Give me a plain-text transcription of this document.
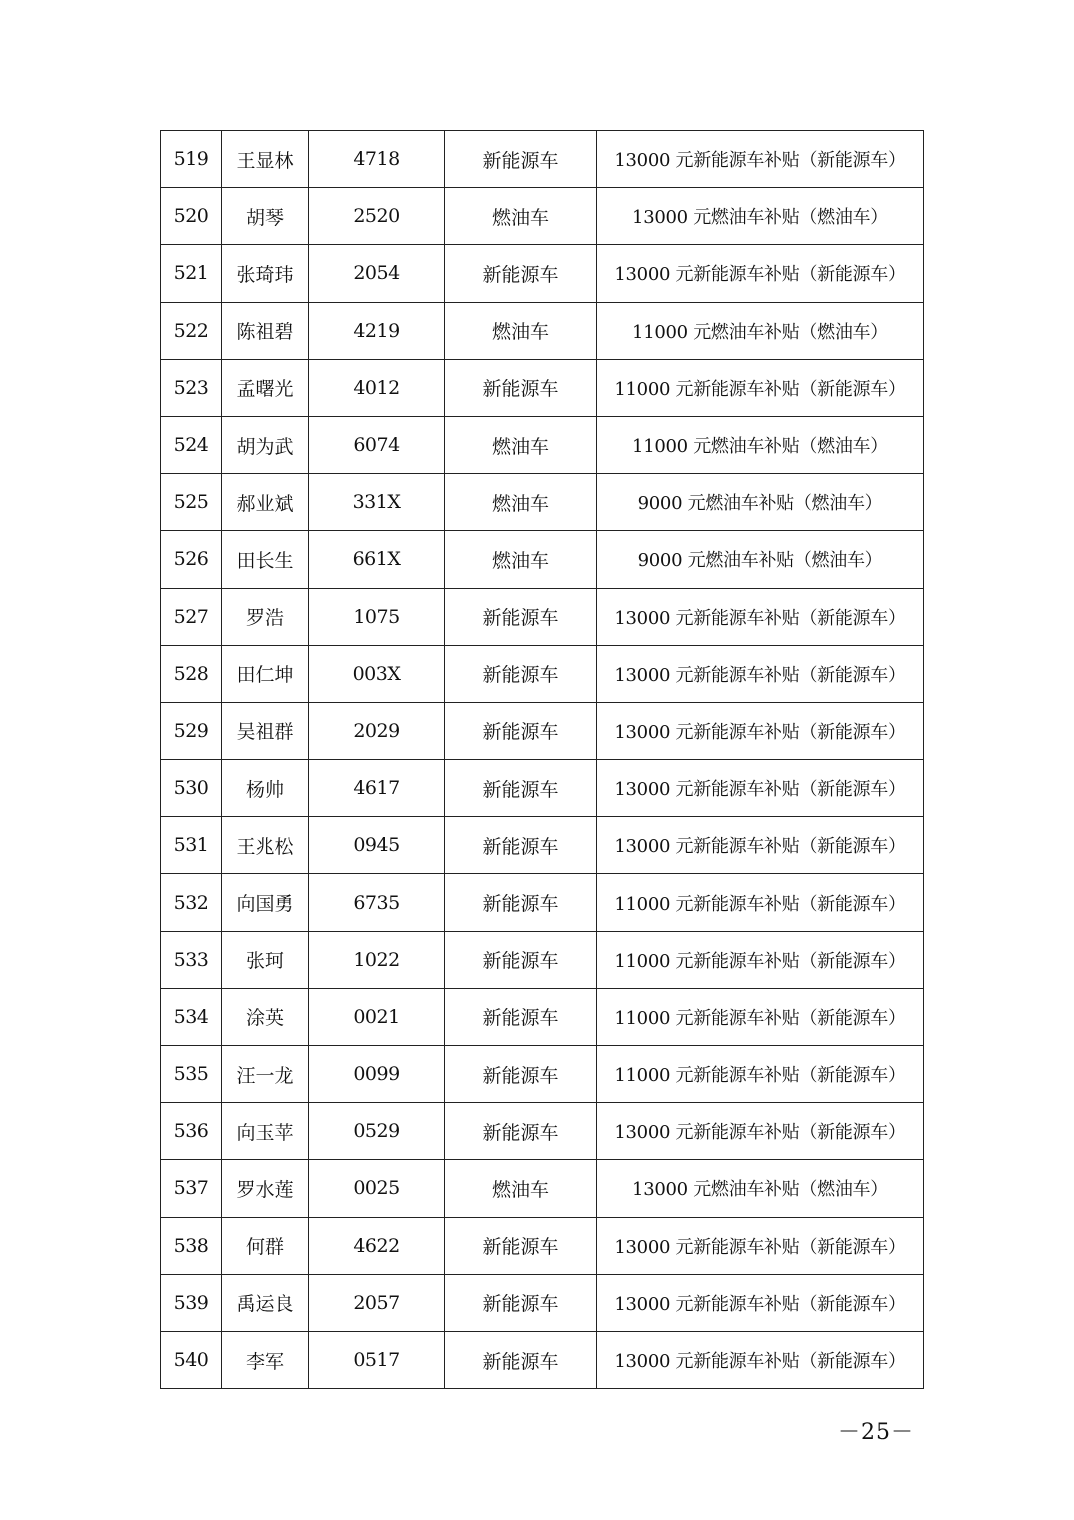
519	王显林	4718	新能源车	13000 元新能源车补贴（新能源车）
520	胡琴	2520	燃油车	13000 元燃油车补贴（燃油车）
521	张琦玮	2054	新能源车	13000 元新能源车补贴（新能源车）
522	陈祖碧	4219	燃油车	11000 元燃油车补贴（燃油车）
523	孟曙光	4012	新能源车	11000 元新能源车补贴（新能源车）
524	胡为武	6074	燃油车	11000 元燃油车补贴（燃油车）
525	郝业斌	331X	燃油车	9000 元燃油车补贴（燃油车）
526	田长生	661X	燃油车	9000 元燃油车补贴（燃油车）
527	罗浩	1075	新能源车	13000 元新能源车补贴（新能源车）
528	田仁坤	003X	新能源车	13000 元新能源车补贴（新能源车）
529	吴祖群	2029	新能源车	13000 元新能源车补贴（新能源车）
530	杨帅	4617	新能源车	13000 元新能源车补贴（新能源车）
531	王兆松	0945	新能源车	13000 元新能源车补贴（新能源车）
532	向国勇	6735	新能源车	11000 元新能源车补贴（新能源车）
533	张珂	1022	新能源车	11000 元新能源车补贴（新能源车）
534	涂英	0021	新能源车	11000 元新能源车补贴（新能源车）
535	汪一龙	0099	新能源车	11000 元新能源车补贴（新能源车）
536	向玉苹	0529	新能源车	13000 元新能源车补贴（新能源车）
537	罗水莲	0025	燃油车	13000 元燃油车补贴（燃油车）
538	何群	4622	新能源车	13000 元新能源车补贴（新能源车）
539	禹运良	2057	新能源车	13000 元新能源车补贴（新能源车）
540	李军	0517	新能源车	13000 元新能源车补贴（新能源车）
－25－
